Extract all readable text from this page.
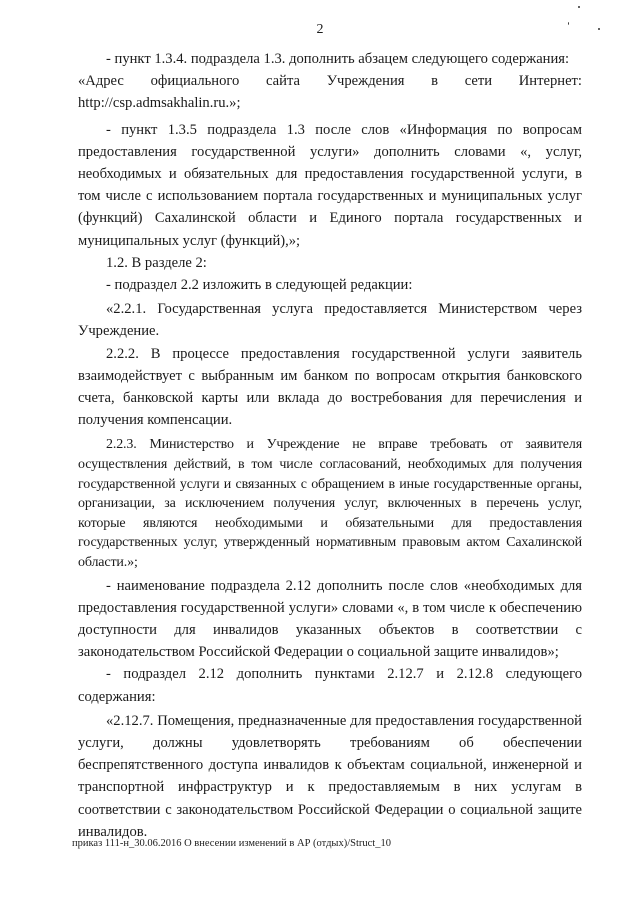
2

- пункт 1.3.4. подраздела 1.3. дополнить абзацем следующего содержания:

«Адрес официального сайта Учреждения в сети Интернет:

http://csp.admsakhalin.ru.»;

- пункт 1.3.5 подраздела 1.3 после слов «Информация по вопросам предоставления государственной услуги» дополнить словами «, услуг, необходимых и обязательных для предоставления государственной услуги, в том числе с использованием портала государственных и муниципальных услуг (функций) Сахалинской области и Единого портала государственных и муниципальных услуг (функций),»;

1.2. В разделе 2:

- подраздел 2.2 изложить в следующей редакции:

«2.2.1. Государственная услуга предоставляется Министерством через Учреждение.

2.2.2. В процессе предоставления государственной услуги заявитель взаимодействует с выбранным им банком по вопросам открытия банковского счета, банковской карты или вклада до востребования для перечисления и получения компенсации.

2.2.3. Министерство и Учреждение не вправе требовать от заявителя осуществления действий, в том числе согласований, необходимых для получения государственной услуги и связанных с обращением в иные государственные органы, организации, за исключением получения услуг, включенных в перечень услуг, которые являются необходимыми и обязательными для предоставления государственных услуг, утвержденный нормативным правовым актом Сахалинской области.»;

- наименование подраздела 2.12 дополнить после слов «необходимых для предоставления государственной услуги» словами «, в том числе к обеспечению доступности для инвалидов указанных объектов в соответствии с законодательством Российской Федерации о социальной защите инвалидов»;

- подраздел 2.12 дополнить пунктами 2.12.7 и 2.12.8 следующего содержания:

«2.12.7. Помещения, предназначенные для предоставления государственной услуги, должны удовлетворять требованиям об обеспечении беспрепятственного доступа инвалидов к объектам социальной, инженерной и транспортной инфраструктур и к предоставляемым в них услугам в соответствии с законодательством Российской Федерации о социальной защите инвалидов.

приказ 111-н_30.06.2016 О внесении изменений в АР (отдых)/Struct_10
